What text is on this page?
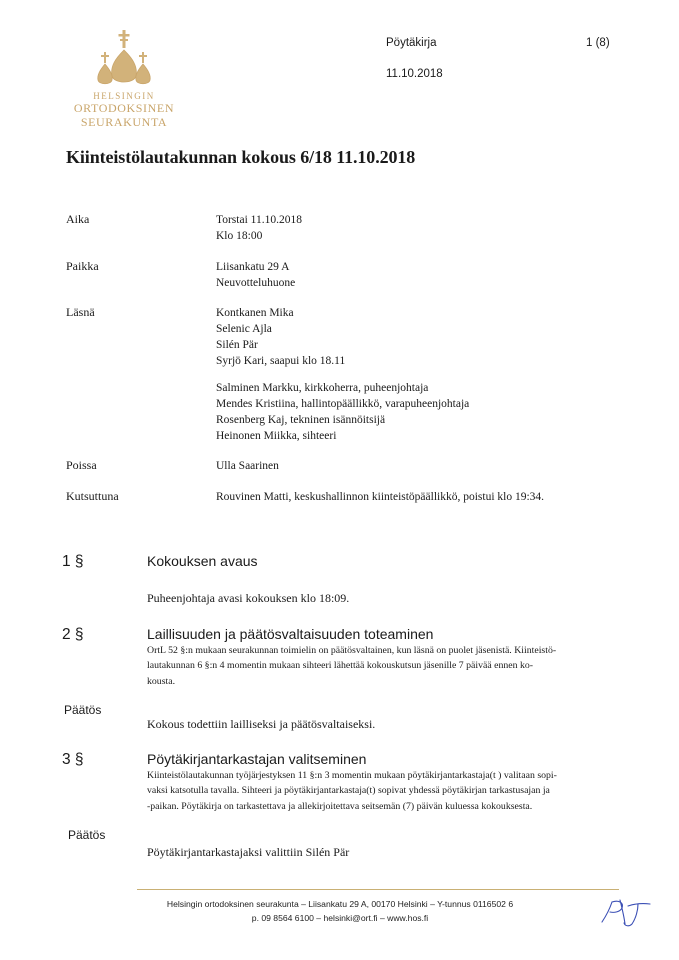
HELSINGIN
ORTODOKSINEN
SEURAKUNTA
Pöytäkirja	1 (8)
11.10.2018
Kiinteistölautakunnan kokous 6/18 11.10.2018
Aika	Torstai 11.10.2018
Klo 18:00
Paikka	Liisankatu 29 A
Neuvotteluhuone
Läsnä	Kontkanen Mika
Selenic Ajla
Silén Pär
Syrjö Kari, saapui klo 18.11
Salminen Markku, kirkkoherra, puheenjohtaja
Mendes Kristiina, hallintopäällikkö, varapuheenjohtaja
Rosenberg Kaj, tekninen isännöitsijä
Heinonen Miikka, sihteeri
Poissa	Ulla Saarinen
Kutsuttuna	Rouvinen Matti, keskushallinnon kiinteistöpäällikkö, poistui klo 19:34.
1 §	Kokouksen avaus
Puheenjohtaja avasi kokouksen klo 18:09.
2 §	Laillisuuden ja päätösvaltaisuuden toteaminen
OrtL 52 §:n mukaan seurakunnan toimielin on päätösvaltainen, kun läsnä on puolet jäsenistä. Kiinteistö-
lautakunnan 6 §:n 4 momentin mukaan sihteeri lähettää kokouskutsun jäsenille 7 päivää ennen ko-
kousta.
Päätös
Kokous todettiin lailliseksi ja päätösvaltaiseksi.
3 §	Pöytäkirjantarkastajan valitseminen
Kiinteistölautakunnan työjärjestyksen 11 §:n 3 momentin mukaan pöytäkirjantarkastaja(t ) valitaan sopi-
vaksi katsotulla tavalla. Sihteeri ja pöytäkirjantarkastaja(t) sopivat yhdessä pöytäkirjan tarkastusajan ja
-paikan. Pöytäkirja on tarkastettava ja allekirjoitettava seitsemän (7) päivän kuluessa kokouksesta.
Päätös
Pöytäkirjantarkastajaksi valittiin Silén Pär
Helsingin ortodoksinen seurakunta – Liisankatu 29 A, 00170 Helsinki – Y-tunnus 0116502 6
p. 09 8564 6100 – helsinki@ort.fi – www.hos.fi
